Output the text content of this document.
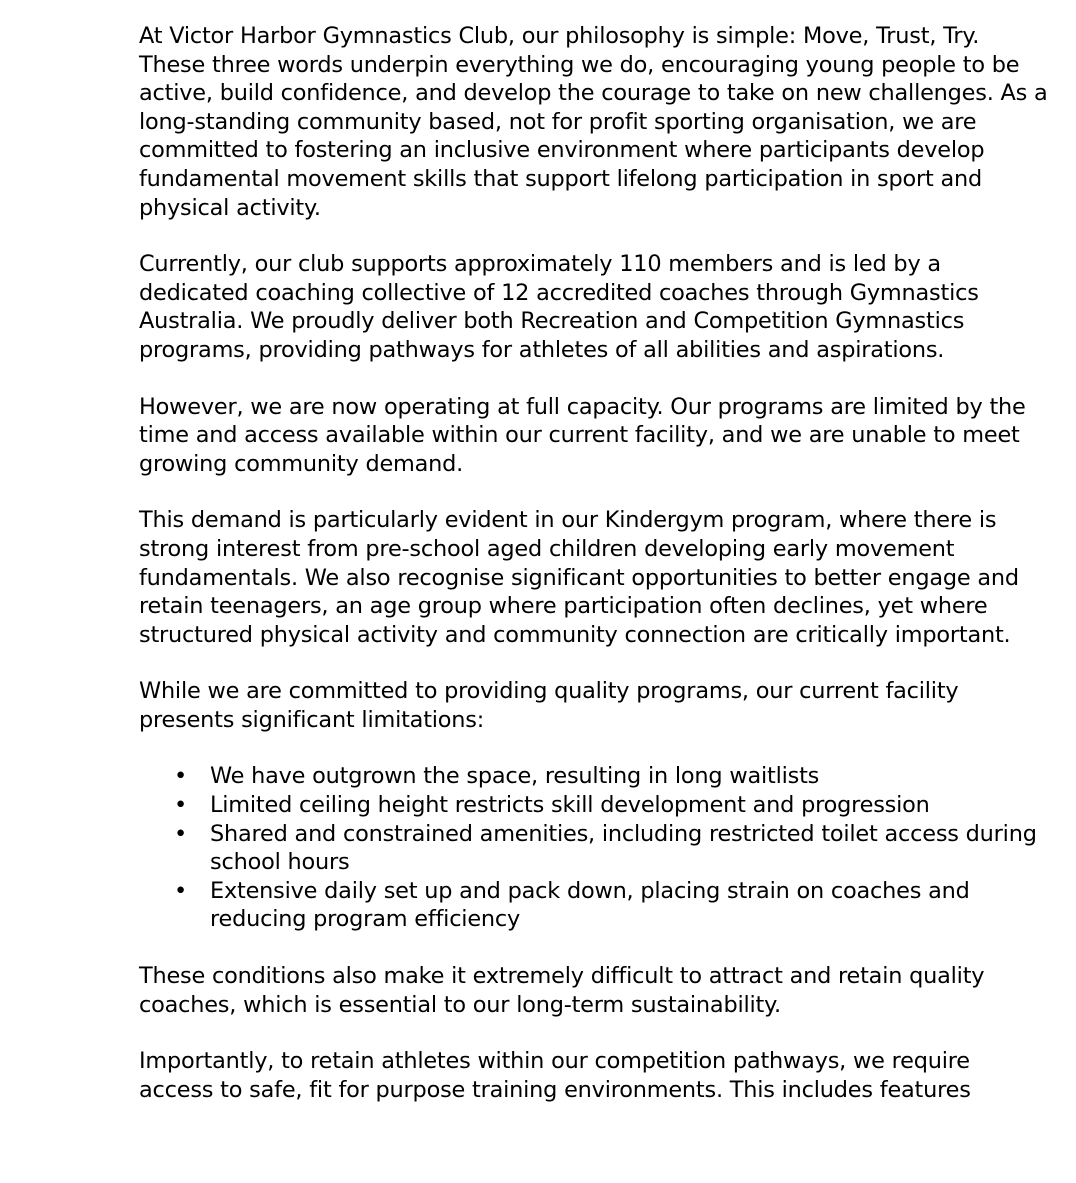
At Victor Harbor Gymnastics Club, our philosophy is simple: Move, Trust, Try. These three words underpin everything we do, encouraging young people to be active, build confidence, and develop the courage to take on new challenges. As a long-standing community based, not for profit sporting organisation, we are committed to fostering an inclusive environment where participants develop fundamental movement skills that support lifelong participation in sport and physical activity.

Currently, our club supports approximately 110 members and is led by a dedicated coaching collective of 12 accredited coaches through Gymnastics Australia. We proudly deliver both Recreation and Competition Gymnastics programs, providing pathways for athletes of all abilities and aspirations.

However, we are now operating at full capacity. Our programs are limited by the time and access available within our current facility, and we are unable to meet growing community demand.

This demand is particularly evident in our Kindergym program, where there is strong interest from pre-school aged children developing early movement fundamentals. We also recognise significant opportunities to better engage and retain teenagers, an age group where participation often declines, yet where structured physical activity and community connection are critically important.

While we are committed to providing quality programs, our current facility presents significant limitations:

• We have outgrown the space, resulting in long waitlists
• Limited ceiling height restricts skill development and progression
• Shared and constrained amenities, including restricted toilet access during school hours
• Extensive daily set up and pack down, placing strain on coaches and reducing program efficiency

These conditions also make it extremely difficult to attract and retain quality coaches, which is essential to our long-term sustainability.

Importantly, to retain athletes within our competition pathways, we require access to safe, fit for purpose training environments. This includes features
